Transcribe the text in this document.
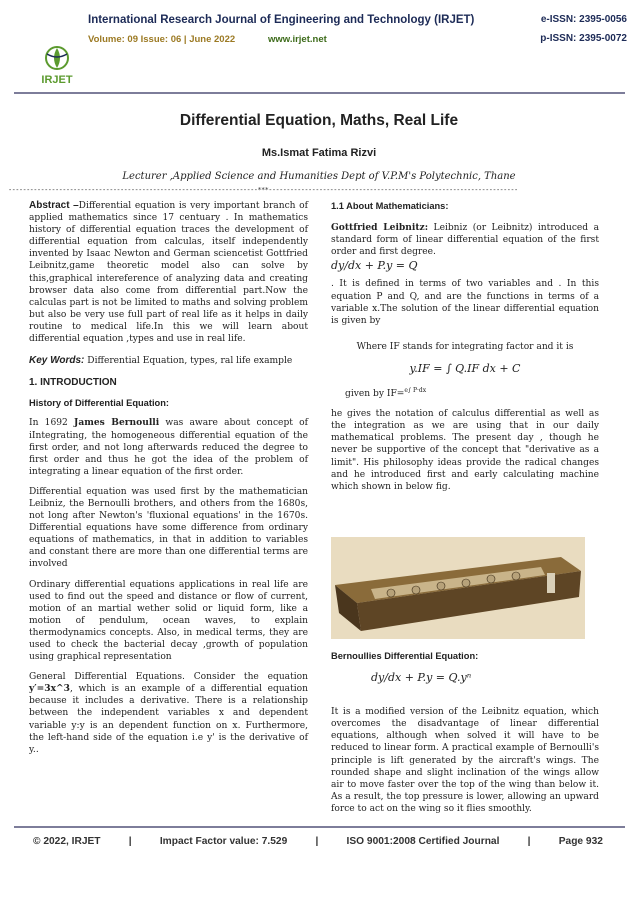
IRJET
International Research Journal of Engineering and Technology (IRJET)	e-ISSN: 2395-0056
Volume: 09 Issue: 06 | June 2022	www.irjet.net	p-ISSN: 2395-0072
Differential Equation, Maths, Real Life
Ms.Ismat Fatima Rizvi
Lecturer ,Applied Science and Humanities Dept of V.P.M's Polytechnic, Thane
---------------------------------------------------------------------***---------------------------------------------------------------------

Abstract –Differential equation is very important branch of applied mathematics since 17 centuary . In mathematics history of differential equation traces the development of differential equation from calculas, itself independently invented by Isaac Newton and German sciencetist Gottfried Leibnitz,game theoretic model also can solve by this,graphical intereference of analyzing data and creating browser data also come from differential part.Now the calculas part is not be limited to maths and solving problem but also be very use full part of real life as it helps in daily routine to medical life.In this we will learn about differential equation ,types and use in real life.

Key Words: Differential Equation, types, ral life example

1. INTRODUCTION

History of Differential Equation:

In 1692 James Bernoulli was aware about concept of iIntegrating, the homogeneous differential equation of the first order, and not long afterwards reduced the degree to first order and thus he got the idea of the problem of integrating a linear equation of the first order.

Differential equation was used first by the mathematician Leibniz, the Bernoulli brothers, and others from the 1680s, not long after Newton's 'fluxional equations' in the 1670s. Differential equations have some difference from ordinary equations of mathematics, in that in addition to variables and constant there are more than one differential terms are involved

Ordinary differential equations applications in real life are used to find out the speed and distance or flow of current, motion of an martial wether solid or liquid form, like a motion of pendulum, ocean waves, to explain thermodynamics concepts. Also, in medical terms, they are used to check the bacterial decay ,growth of population using graphical representation

General Differential Equations. Consider the equation y′=3x^3, which is an example of a differential equation because it includes a derivative. There is a relationship between the independent variables x and dependent variable y:y is an dependent function on x. Furthermore, the left-hand side of the equation i.e y' is the derivative of y..

1.1 About Mathematicians:

Gottfried Leibnitz: Leibniz (or Leibnitz) introduced a standard form of linear differential equation of the first order and first degree.

dy/dx + P.y = Q

. It is defined in terms of two variables and . In this equation P and Q, and are the functions in terms of a variable x.The solution of the linear differential equation is given by

Where IF stands for integrating factor and it is

y.IF = ∫ Q.IF dx + C

given by IF=$^{e\int P\cdot dx}$

he gives the notation of calculus differential as well as the integration as we are using that in our daily mathematical problems. The present day , though he never be supportive of the concept that "derivative as a limit". His philosophy ideas provide the radical changes and he introduced first and early calculating machine which shown in below fig.

Bernoullies Differential Equation:

dy/dx + P.y = Q.yⁿ

It is a modified version of the Leibnitz equation, which overcomes the disadvantage of linear differential equations, although when solved it will have to be reduced to linear form. A practical example of Bernoulli's principle is lift generated by the aircraft's wings. The rounded shape and slight inclination of the wings allow air to move faster over the top of the wing than below it. As a result, the top pressure is lower, allowing an upward force to act on the wing so it flies smoothly.

© 2022, IRJET	|	Impact Factor value: 7.529	|	ISO 9001:2008 Certified Journal	|	Page 932
